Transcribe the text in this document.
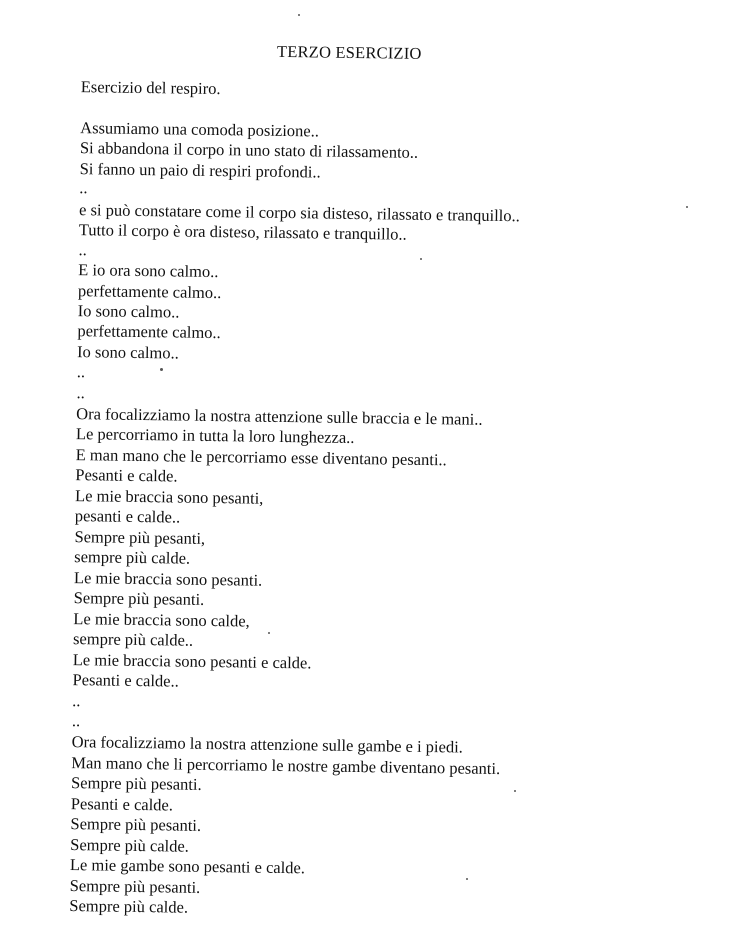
TERZO ESERCIZIO
Esercizio del respiro.
Assumiamo una comoda posizione..
Si abbandona il corpo in uno stato di rilassamento..
Si fanno un paio di respiri profondi..
..
e si può constatare come il corpo sia disteso, rilassato e tranquillo..
Tutto il corpo è ora disteso, rilassato e tranquillo..
..
E io ora sono calmo..
perfettamente calmo..
Io sono calmo..
perfettamente calmo..
Io sono calmo..
..
..
Ora focalizziamo la nostra attenzione sulle braccia e le mani..
Le percorriamo in tutta la loro lunghezza..
E man mano che le percorriamo esse diventano pesanti..
Pesanti e calde.
Le mie braccia sono pesanti,
pesanti e calde..
Sempre più pesanti,
sempre più calde.
Le mie braccia sono pesanti.
Sempre più pesanti.
Le mie braccia sono calde,
sempre più calde..
Le mie braccia sono pesanti e calde.
Pesanti e calde..
..
..
Ora focalizziamo la nostra attenzione sulle gambe e i piedi.
Man mano che li percorriamo le nostre gambe diventano pesanti.
Sempre più pesanti.
Pesanti e calde.
Sempre più pesanti.
Sempre più calde.
Le mie gambe sono pesanti e calde.
Sempre più pesanti.
Sempre più calde.
